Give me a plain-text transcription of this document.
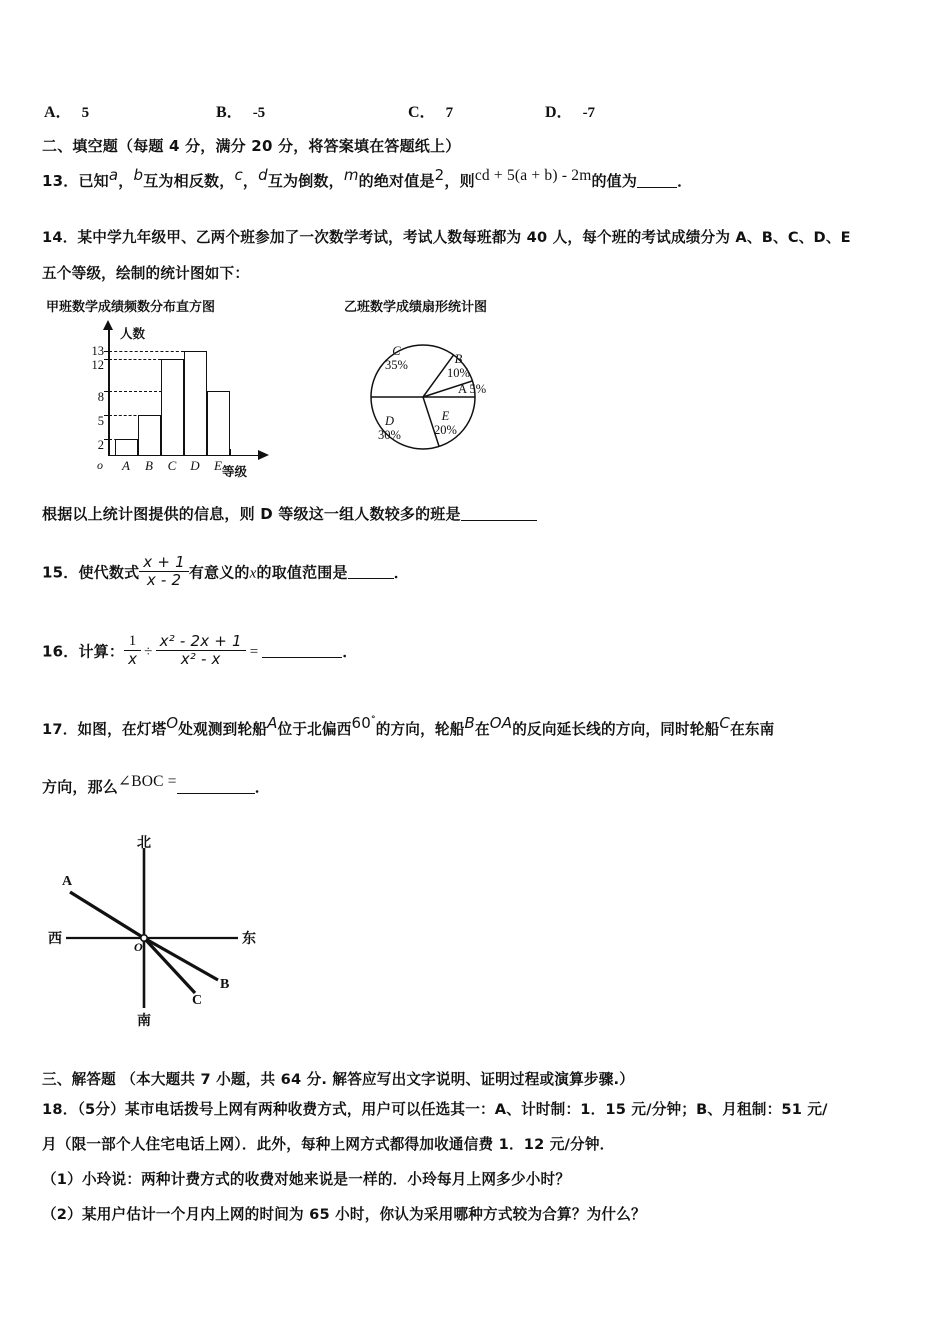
A． 5	B． ‑5	C． 7	D． ‑7
二、填空题（每题 4 分，满分 20 分，将答案填在答题纸上）
13．已知a，b互为相反数，c，d互为倒数，m的绝对值是2，则cd + 5(a + b) ‑ 2m的值为	．
14．某中学九年级甲、乙两个班参加了一次数学考试，考试人数每班都为 40 人，每个班的考试成绩分为 A、B、C、D、E
五个等级，绘制的统计图如下：
甲班数学成绩频数分布直方图
人数
等级
o
2
5
8
12
13
A	B	C	D	E
乙班数学成绩扇形统计图
A 5%
B
10%
C
35%
D
30%
E
20%
根据以上统计图提供的信息，则 D 等级这一组人数较多的班是
15．使代数式 $\frac{x + 1}{x ‑ 2}$ 有意义的x的取值范围是	．
16．计算： $\frac{1}{x} \div \frac{\text{x² ‑ 2x + 1}}{\text{x² ‑ x}}$ =	．
17．如图，在灯塔O处观测到轮船A位于北偏西60°的方向，轮船B在OA的反向延长线的方向，同时轮船C在东南
方向，那么∠BOC =	．
北
南
西	东
O
A
B
C
三、解答题 （本大题共 7 小题，共 64 分. 解答应写出文字说明、证明过程或演算步骤.）
18．（5分）某市电话拨号上网有两种收费方式，用户可以任选其一：A、计时制：1．15 元/分钟；B、月租制：51 元/
月（限一部个人住宅电话上网）．此外，每种上网方式都得加收通信费 1．12 元/分钟．
（1）小玲说：两种计费方式的收费对她来说是一样的．小玲每月上网多少小时？
（2）某用户估计一个月内上网的时间为 65 小时，你认为采用哪种方式较为合算？为什么？
